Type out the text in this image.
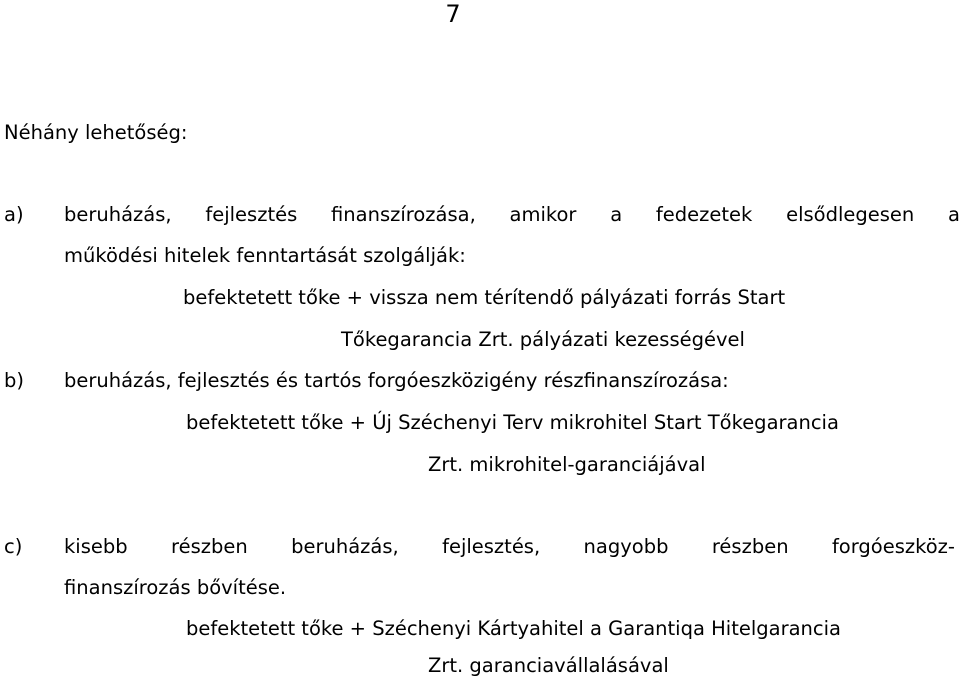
7
Néhány lehetőség:
a) beruházás, fejlesztés finanszírozása, amikor a fedezetek elsődlegesen a
működési hitelek fenntartását szolgálják:
befektetett tőke + vissza nem térítendő pályázati forrás Start
Tőkegarancia Zrt. pályázati kezességével
b) beruházás, fejlesztés és tartós forgóeszközigény részfinanszírozása:
befektetett tőke + Új Széchenyi Terv mikrohitel Start Tőkegarancia
Zrt. mikrohitel-garanciájával
c) kisebb részben beruházás, fejlesztés, nagyobb részben forgóeszköz-
finanszírozás bővítése.
befektetett tőke + Széchenyi Kártyahitel a Garantiqa Hitelgarancia
Zrt. garanciavállalásával
